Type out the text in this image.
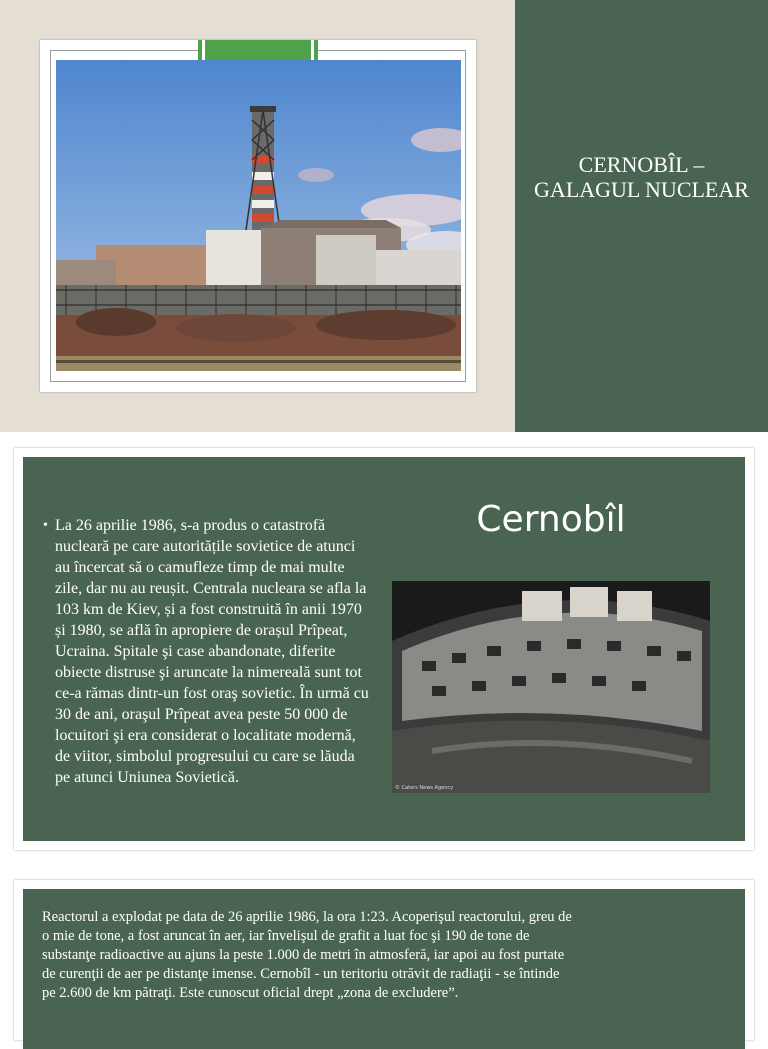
CERNOBÎL –
GALAGUL NUCLEAR
Cernobîl
• La 26 aprilie 1986, s-a produs o catastrofă nucleară pe care autoritățile sovietice de atunci au încercat să o camufleze timp de mai multe zile, dar nu au reușit. Centrala nucleara se afla la 103 km de Kiev, și a fost construită în anii 1970 și 1980, se află în apropiere de orașul Prîpeat, Ucraina. Spitale şi case abandonate, diferite obiecte distruse şi aruncate la nimereală sunt tot ce-a rămas dintr-un fost oraş sovietic. În urmă cu 30 de ani, oraşul Prîpeat avea peste 50 000 de locuitori şi era considerat o localitate modernă, de viitor, simbolul progresului cu care se lăuda pe atunci Uniunea Sovietică.

© Caters News Agency

Reactorul a explodat pe data de 26 aprilie 1986, la ora 1:23. Acoperişul reactorului, greu de o mie de tone, a fost aruncat în aer, iar învelişul de grafit a luat foc şi 190 de tone de substanţe radioactive au ajuns la peste 1.000 de metri în atmosferă, iar apoi au fost purtate de curenţii de aer pe distanţe imense. Cernobîl - un teritoriu otrăvit de radiaţii - se întinde pe 2.600 de km pătraţi. Este cunoscut oficial drept „zona de excludere”.
